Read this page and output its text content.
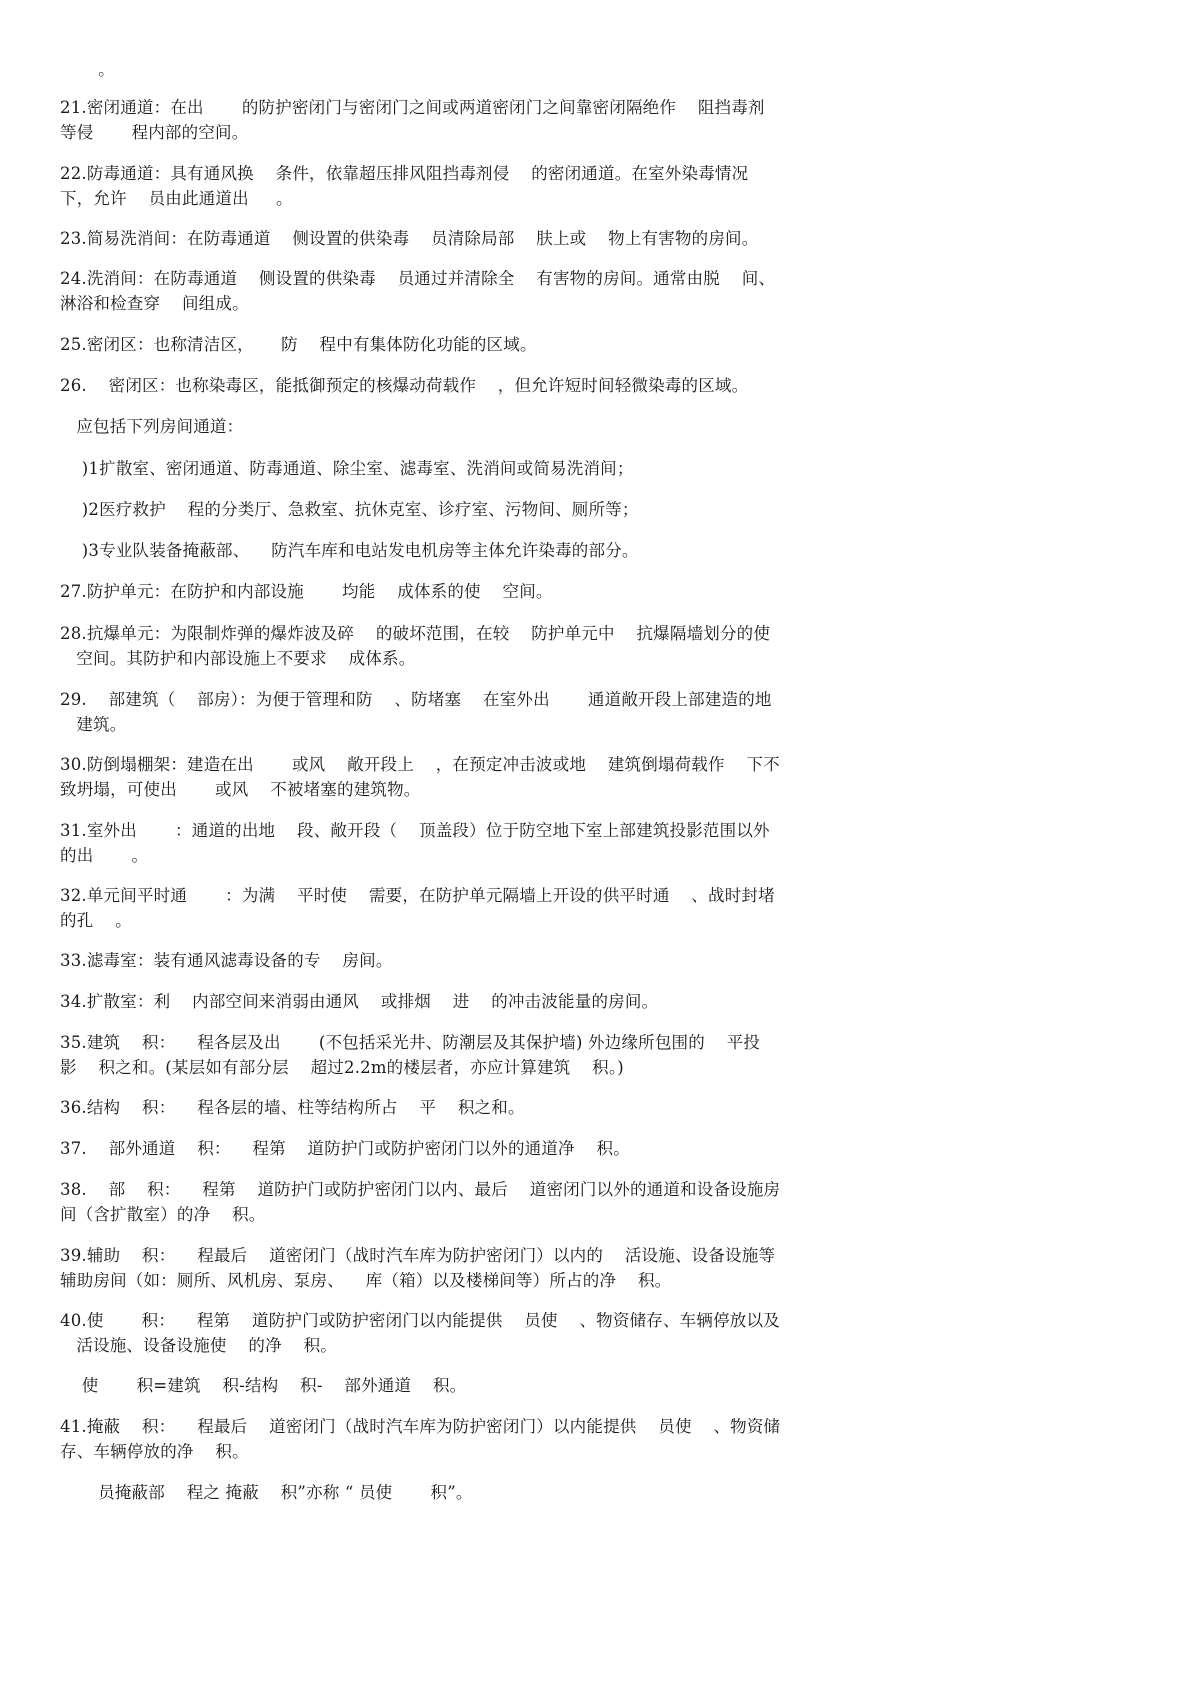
。
21.密闭通道：在出       的防护密闭门与密闭门之间或两道密闭门之间靠密闭隔绝作    阻挡毒剂
等侵       程内部的空间。
22.防毒通道：具有通风换    条件，依靠超压排风阻挡毒剂侵    的密闭通道。在室外染毒情况
下，允许    员由此通道出     。
23.简易洗消间：在防毒通道    侧设置的供染毒    员清除局部    肤上或    物上有害物的房间。
24.洗消间：在防毒通道    侧设置的供染毒    员通过并清除全    有害物的房间。通常由脱    间、
淋浴和检查穿    间组成。
25.密闭区：也称清洁区，     防    程中有集体防化功能的区域。
26.    密闭区：也称染毒区，能抵御预定的核爆动荷载作    ，但允许短时间轻微染毒的区域。
应包括下列房间通道：
)1扩散室、密闭通道、防毒通道、除尘室、滤毒室、洗消间或简易洗消间；
)2医疗救护    程的分类厅、急救室、抗休克室、诊疗室、污物间、厕所等；
)3专业队装备掩蔽部、    防汽车库和电站发电机房等主体允许染毒的部分。
27.防护单元：在防护和内部设施       均能    成体系的使    空间。
28.抗爆单元：为限制炸弹的爆炸波及碎    的破坏范围，在较    防护单元中    抗爆隔墙划分的使
空间。其防护和内部设施上不要求    成体系。
29.    部建筑（    部房）：为便于管理和防    、防堵塞    在室外出       通道敞开段上部建造的地
建筑。
30.防倒塌棚架：建造在出       或风    敞开段上    ，在预定冲击波或地    建筑倒塌荷载作    下不
致坍塌，可使出       或风    不被堵塞的建筑物。
31.室外出       ：通道的出地    段、敞开段（    顶盖段）位于防空地下室上部建筑投影范围以外
的出       。
32.单元间平时通       ：为满    平时使    需要，在防护单元隔墙上开设的供平时通    、战时封堵
的孔    。
33.滤毒室：装有通风滤毒设备的专    房间。
34.扩散室：利    内部空间来消弱由通风    或排烟    进    的冲击波能量的房间。
35.建筑    积：    程各层及出       (不包括采光井、防潮层及其保护墙) 外边缘所包围的    平投
影    积之和。(某层如有部分层    超过2.2m的楼层者，亦应计算建筑    积。)
36.结构    积：    程各层的墙、柱等结构所占    平    积之和。
37.    部外通道    积：    程第    道防护门或防护密闭门以外的通道净    积。
38.    部    积：    程第    道防护门或防护密闭门以内、最后    道密闭门以外的通道和设备设施房
间（含扩散室）的净    积。
39.辅助    积：    程最后    道密闭门（战时汽车库为防护密闭门）以内的    活设施、设备设施等
辅助房间（如：厕所、风机房、泵房、    库（箱）以及楼梯间等）所占的净    积。
40.使       积：    程第    道防护门或防护密闭门以内能提供    员使    、物资储存、车辆停放以及
活设施、设备设施使    的净    积。
使       积=建筑    积-结构    积-    部外通道    积。
41.掩蔽    积：    程最后    道密闭门（战时汽车库为防护密闭门）以内能提供    员使    、物资储
存、车辆停放的净    积。
员掩蔽部    程之 掩蔽    积”亦称 “ 员使       积”。
